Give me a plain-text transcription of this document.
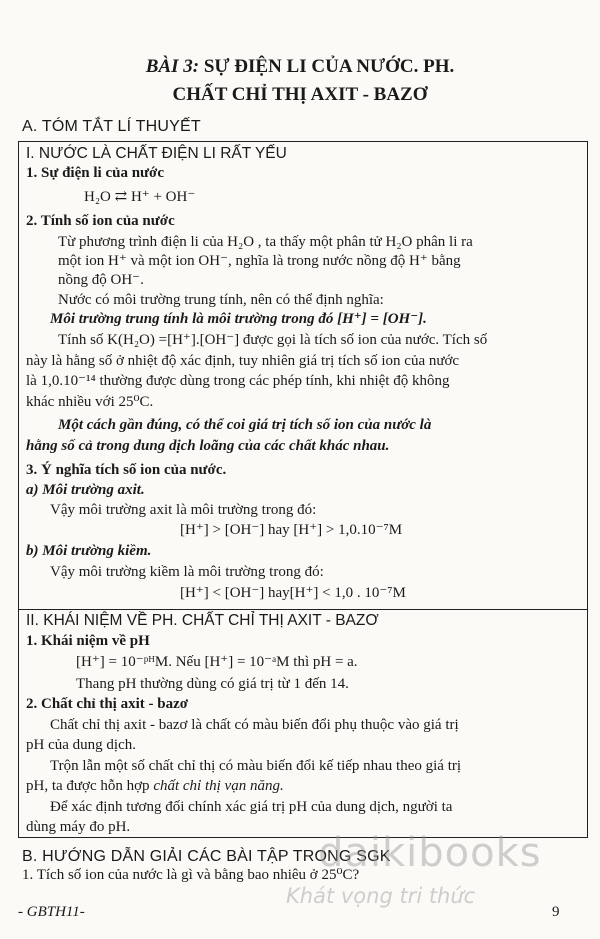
BÀI 3: SỰ ĐIỆN LI CỦA NƯỚC. PH.
CHẤT CHỈ THỊ AXIT - BAZƠ
A. TÓM TẮT LÍ THUYẾT
I. NƯỚC LÀ CHẤT ĐIỆN LI RẤT YẾU
1. Sự điện li của nước
H₂O ⇄ H⁺ + OH⁻
2. Tính số ion của nước
Từ phương trình điện li của H₂O , ta thấy một phân tử H₂O phân li ra
một ion H⁺ và một ion OH⁻, nghĩa là trong nước nồng độ H⁺ bằng
nồng độ OH⁻.
Nước có môi trường trung tính, nên có thể định nghĩa:
Môi trường trung tính là môi trường trong đó [H⁺] = [OH⁻].
Tính số K(H₂O) =[H⁺].[OH⁻] được gọi là tích số ion của nước. Tích số
này là hằng số ở nhiệt độ xác định, tuy nhiên giá trị tích số ion của nước
là 1,0.10⁻¹⁴ thường được dùng trong các phép tính, khi nhiệt độ không
khác nhiều với 25⁰C.
Một cách gần đúng, có thể coi giá trị tích số ion của nước là
hằng số cả trong dung dịch loãng của các chất khác nhau.
3. Ý nghĩa tích số ion của nước.
a) Môi trường axit.
Vậy môi trường axit là môi trường trong đó:
[H⁺] > [OH⁻] hay [H⁺] > 1,0.10⁻⁷M
b) Môi trường kiềm.
Vậy môi trường kiềm là môi trường trong đó:
[H⁺] < [OH⁻] hay[H⁺] < 1,0 . 10⁻⁷M
II. KHÁI NIỆM VỀ PH. CHẤT CHỈ THỊ AXIT - BAZƠ
1. Khái niệm về pH
[H⁺] = 10⁻ᵖᴴM. Nếu [H⁺] = 10⁻ᵃM thì pH = a.
Thang pH thường dùng có giá trị từ 1 đến 14.
2. Chất chỉ thị axit - bazơ
Chất chỉ thị axit - bazơ là chất có màu biến đổi phụ thuộc vào giá trị
pH của dung dịch.
Trộn lẫn một số chất chỉ thị có màu biến đổi kế tiếp nhau theo giá trị
pH, ta được hỗn hợp chất chỉ thị vạn năng.
Để xác định tương đối chính xác giá trị pH của dung dịch, người ta
dùng máy đo pH.
B. HƯỚNG DẪN GIẢI CÁC BÀI TẬP TRONG SGK
1. Tích số ion của nước là gì và bằng bao nhiêu ở 25⁰C?
daikibooks
Khát vọng tri thức
- GBTH11-	9
